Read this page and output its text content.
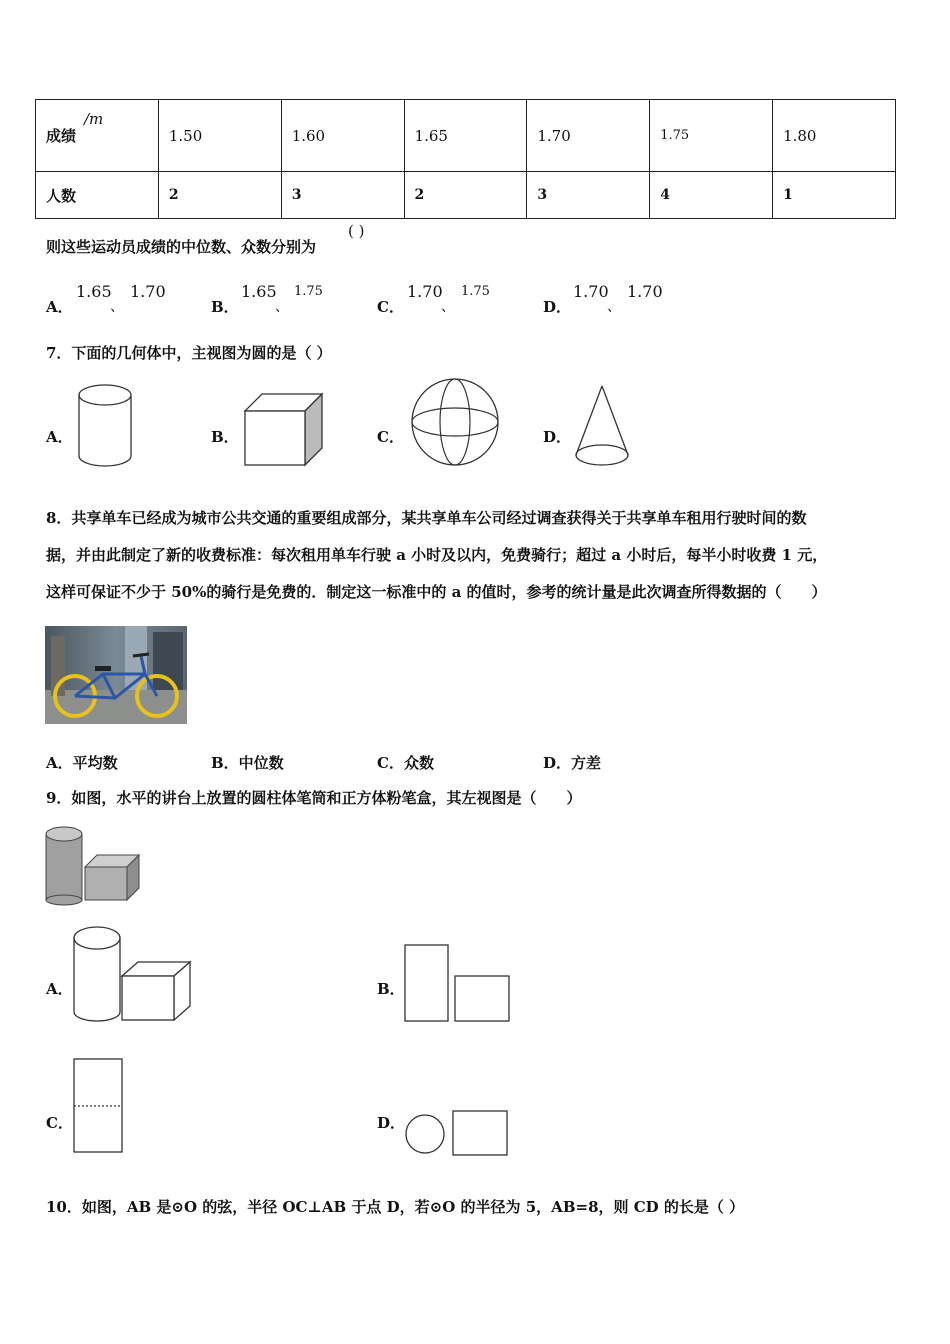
成绩
/m	1.50	1.60	1.65	1.70	1.75	1.80
人数	2	3	2	3	4	1
则这些运动员成绩的中位数、众数分别为
( )
A．
1.65
、
1.70
B．
1.65
、
1.75
C．
1.70
、
1.75
D．
1.70
、
1.70
7．下面的几何体中，主视图为圆的是（ ）
A．	B．	C．	D．
8．共享单车已经成为城市公共交通的重要组成部分，某共享单车公司经过调查获得关于共享单车租用行驶时间的数
据，并由此制定了新的收费标准：每次租用单车行驶 a 小时及以内，免费骑行；超过 a 小时后，每半小时收费 1 元，
这样可保证不少于 50%的骑行是免费的．制定这一标准中的 a 的值时，参考的统计量是此次调查所得数据的（　　）
A．平均数	B．中位数	C．众数	D．方差
9．如图，水平的讲台上放置的圆柱体笔筒和正方体粉笔盒，其左视图是（　　）
A．	B．
C．	D．
10．如图，AB 是⊙O 的弦，半径 OC⊥AB 于点 D，若⊙O 的半径为 5，AB=8，则 CD 的长是（ ）
